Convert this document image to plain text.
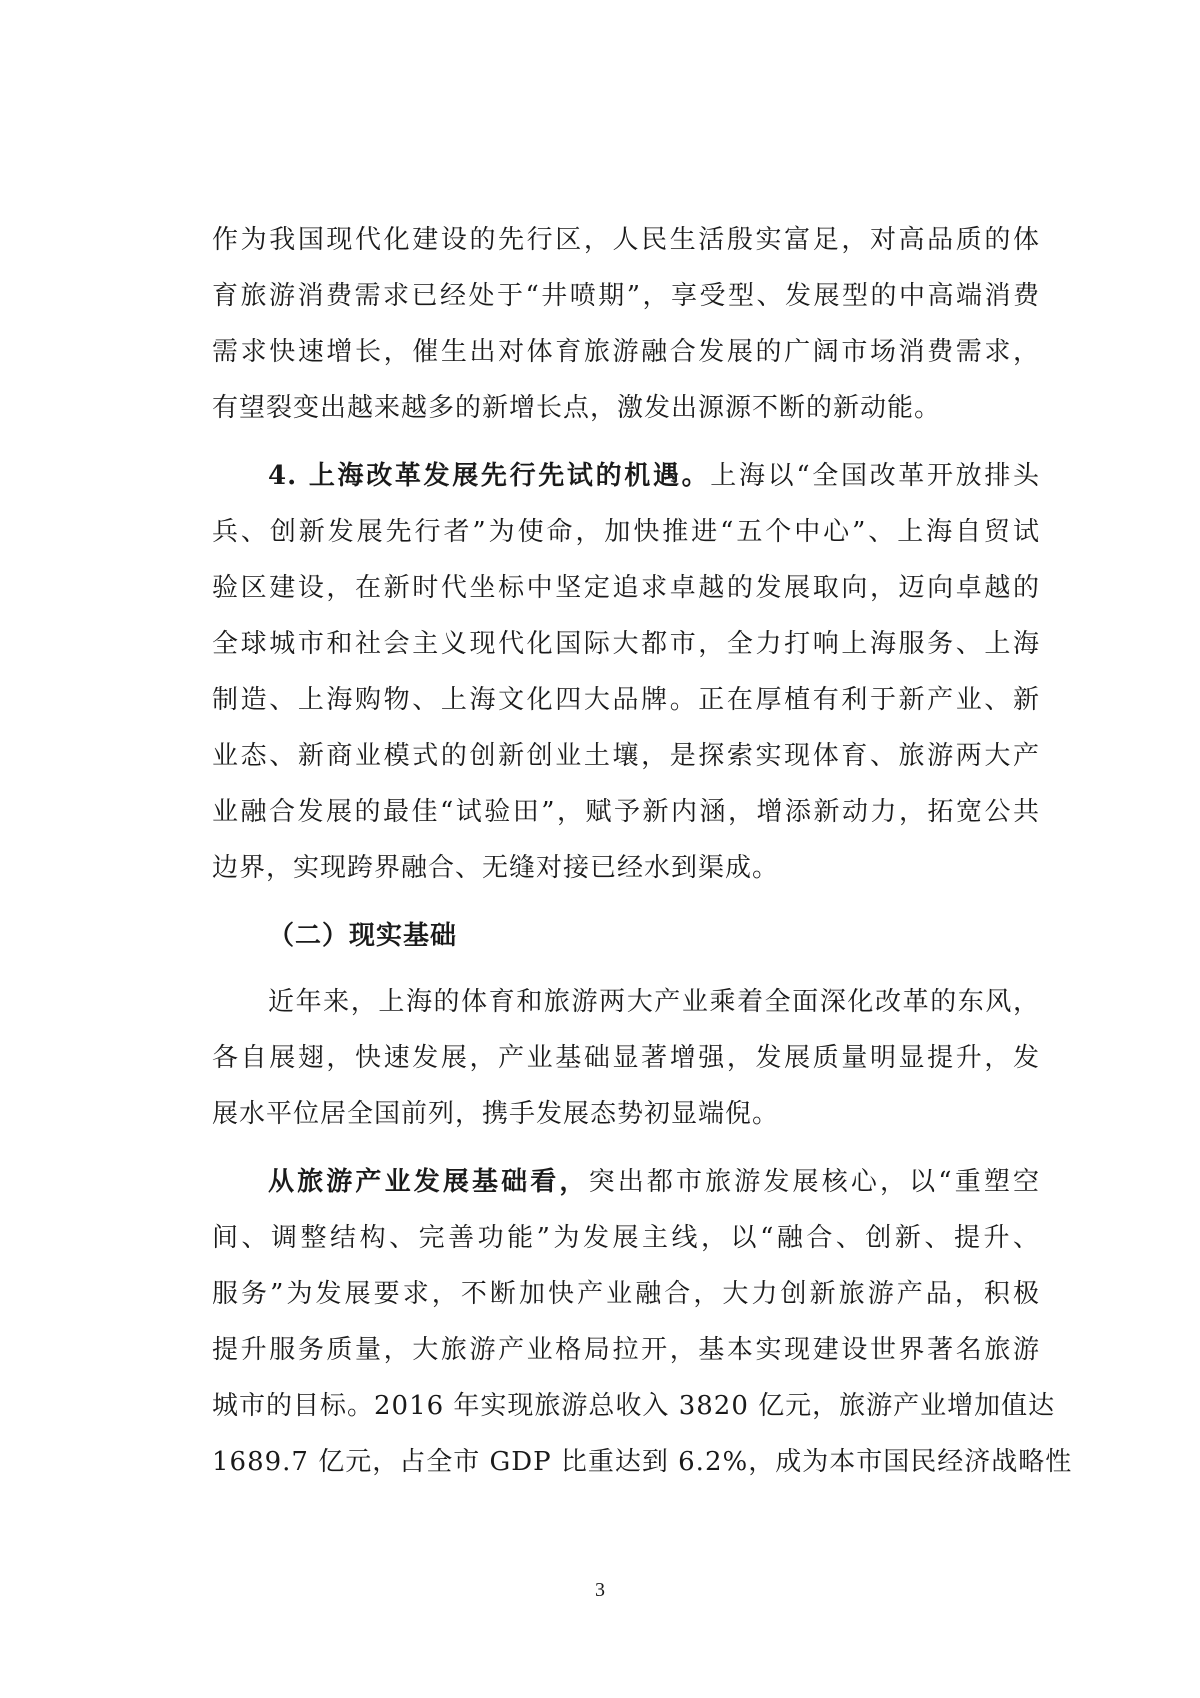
作为我国现代化建设的先行区，人民生活殷实富足，对高品质的体
育旅游消费需求已经处于“井喷期”，享受型、发展型的中高端消费
需求快速增长，催生出对体育旅游融合发展的广阔市场消费需求，
有望裂变出越来越多的新增长点，激发出源源不断的新动能。
4. 上海改革发展先行先试的机遇。上海以“全国改革开放排头
兵、创新发展先行者”为使命，加快推进“五个中心”、上海自贸试
验区建设，在新时代坐标中坚定追求卓越的发展取向，迈向卓越的
全球城市和社会主义现代化国际大都市，全力打响上海服务、上海
制造、上海购物、上海文化四大品牌。正在厚植有利于新产业、新
业态、新商业模式的创新创业土壤，是探索实现体育、旅游两大产
业融合发展的最佳“试验田”，赋予新内涵，增添新动力，拓宽公共
边界，实现跨界融合、无缝对接已经水到渠成。
（二）现实基础
近年来，上海的体育和旅游两大产业乘着全面深化改革的东风，
各自展翅，快速发展，产业基础显著增强，发展质量明显提升，发
展水平位居全国前列，携手发展态势初显端倪。
从旅游产业发展基础看，突出都市旅游发展核心，以“重塑空
间、调整结构、完善功能”为发展主线，以“融合、创新、提升、
服务”为发展要求，不断加快产业融合，大力创新旅游产品，积极
提升服务质量，大旅游产业格局拉开，基本实现建设世界著名旅游
城市的目标。2016 年实现旅游总收入 3820 亿元，旅游产业增加值达
1689.7 亿元，占全市 GDP 比重达到 6.2%，成为本市国民经济战略性
3
